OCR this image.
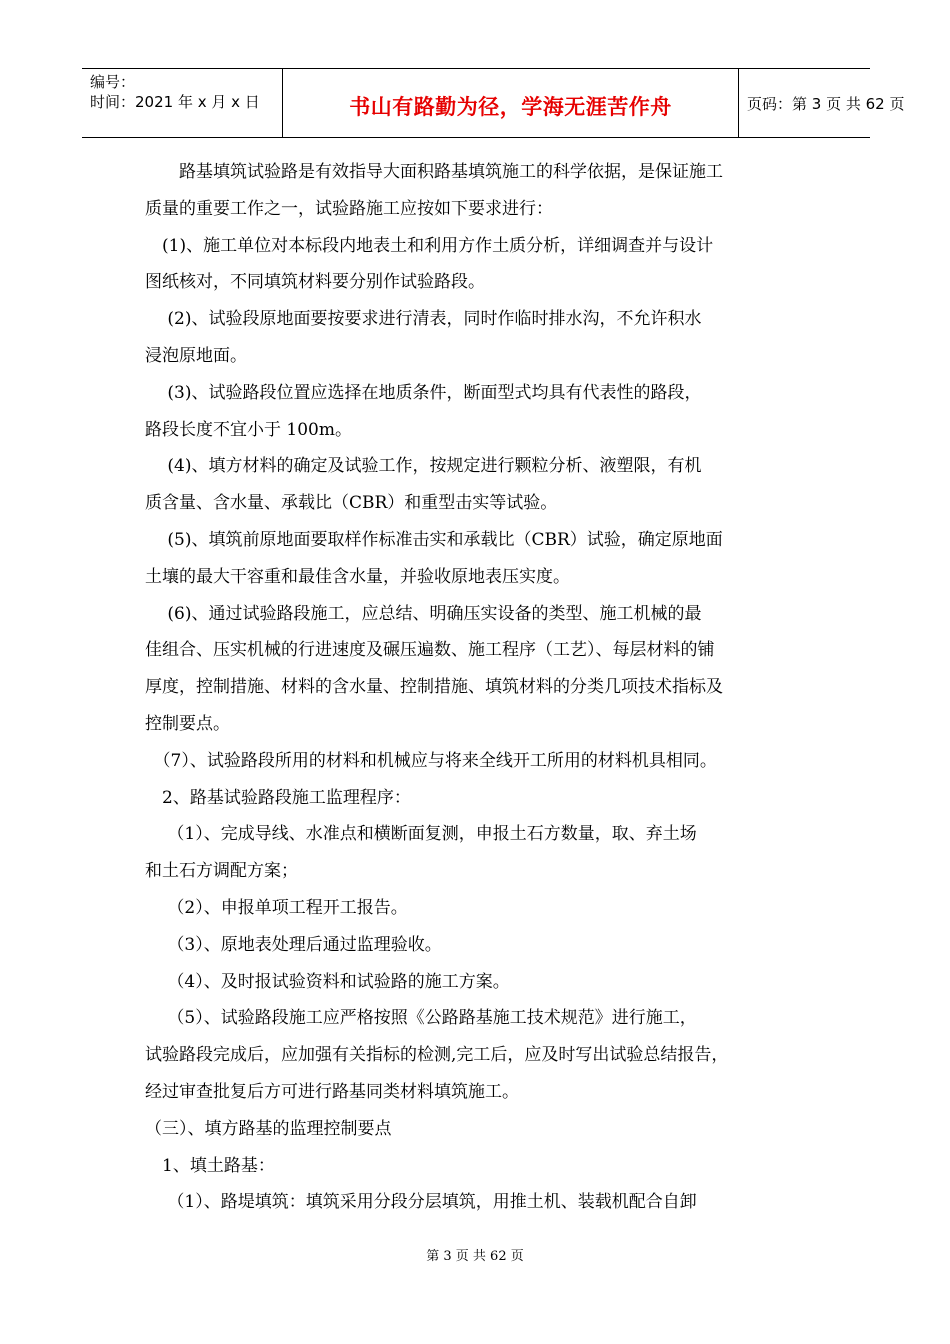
编号：
时间：2021 年 x 月 x 日	书山有路勤为径，学海无涯苦作舟	页码：第 3 页 共 62 页

　　路基填筑试验路是有效指导大面积路基填筑施工的科学依据，是保证施工

质量的重要工作之一，试验路施工应按如下要求进行：

　(1)、施工单位对本标段内地表土和利用方作土质分析，详细调查并与设计

图纸核对，不同填筑材料要分别作试验路段。

　 (2)、试验段原地面要按要求进行清表，同时作临时排水沟，不允许积水

浸泡原地面。

　 (3)、试验路段位置应选择在地质条件，断面型式均具有代表性的路段，

路段长度不宜小于 100m。

　 (4)、填方材料的确定及试验工作，按规定进行颗粒分析、液塑限，有机

质含量、含水量、承载比（CBR）和重型击实等试验。

　 (5)、填筑前原地面要取样作标准击实和承载比（CBR）试验，确定原地面

土壤的最大干容重和最佳含水量，并验收原地表压实度。

　 (6)、通过试验路段施工，应总结、明确压实设备的类型、施工机械的最

佳组合、压实机械的行进速度及碾压遍数、施工程序（工艺）、每层材料的铺

厚度，控制措施、材料的含水量、控制措施、填筑材料的分类几项技术指标及

控制要点。

　（7）、试验路段所用的材料和机械应与将来全线开工所用的材料机具相同。

　2、路基试验路段施工监理程序：

　 （1）、完成导线、水准点和横断面复测，申报土石方数量，取、弃土场

和土石方调配方案；

　 （2）、申报单项工程开工报告。

　 （3）、原地表处理后通过监理验收。

　 （4）、及时报试验资料和试验路的施工方案。

　 （5）、试验路段施工应严格按照《公路路基施工技术规范》进行施工，

试验路段完成后，应加强有关指标的检测,完工后，应及时写出试验总结报告，

经过审查批复后方可进行路基同类材料填筑施工。

（三）、填方路基的监理控制要点

　1、填土路基：

　 （1）、路堤填筑：填筑采用分段分层填筑，用推土机、装载机配合自卸

第 3 页 共 62 页
